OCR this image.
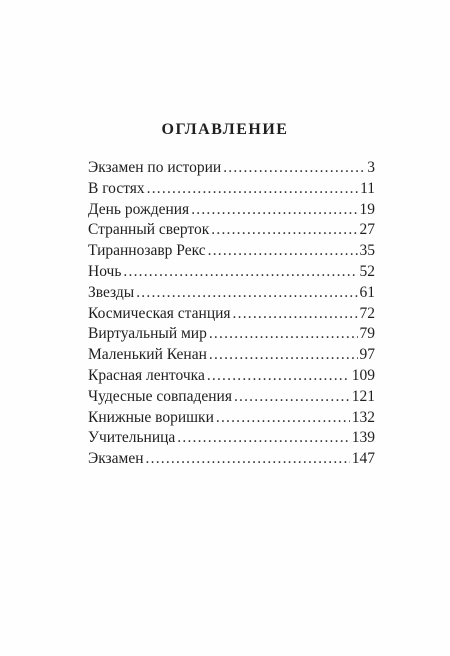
ОГЛАВЛЕНИЕ
Экзамен по истории .....	3
В гостях .....	11
День рождения .....	19
Странный сверток .....	27
Тираннозавр Рекс .....	35
Ночь .....	52
Звезды .....	61
Космическая станция .....	72
Виртуальный мир .....	79
Маленький Кенан .....	97
Красная ленточка .....	109
Чудесные совпадения .....	121
Книжные воришки .....	132
Учительница .....	139
Экзамен .....	147
